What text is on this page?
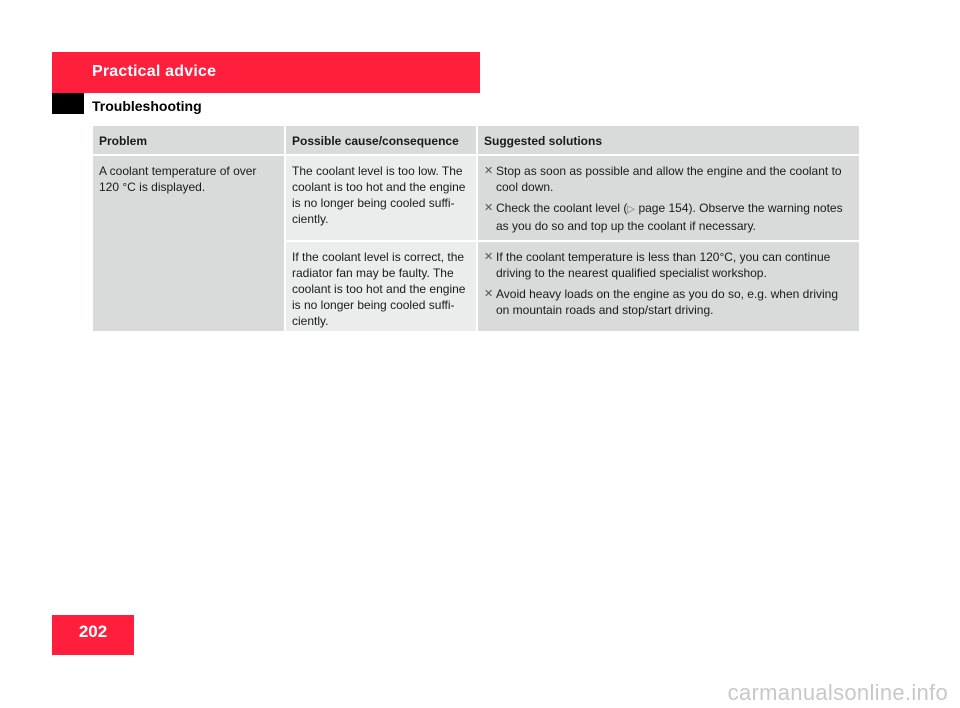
Practical advice
Troubleshooting
Problem	Possible cause/consequence	Suggested solutions
A coolant temperature of over 120 °C is displayed.
The coolant level is too low. The coolant is too hot and the engine is no longer being cooled suffi-ciently.
✕ Stop as soon as possible and allow the engine and the coolant to cool down.
✕ Check the coolant level (▷ page 154). Observe the warning notes as you do so and top up the coolant if necessary.
If the coolant level is correct, the radiator fan may be faulty. The coolant is too hot and the engine is no longer being cooled suffi-ciently.
✕ If the coolant temperature is less than 120°C, you can continue driving to the nearest qualified specialist workshop.
✕ Avoid heavy loads on the engine as you do so, e.g. when driving on mountain roads and stop/start driving.
202
carmanualsonline.info
